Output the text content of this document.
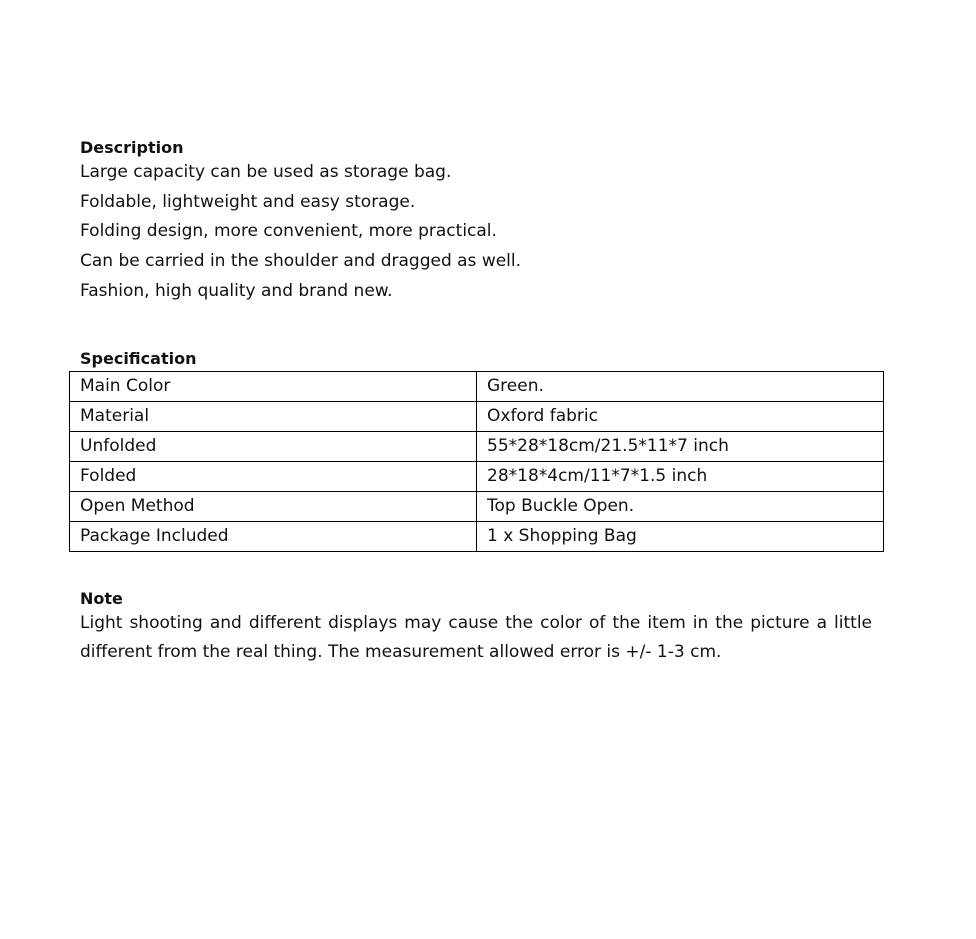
Description

Large capacity can be used as storage bag.
Foldable, lightweight and easy storage.
Folding design, more convenient, more practical.
Can be carried in the shoulder and dragged as well.
Fashion, high quality and brand new.

Specification

Main Color	Green.
Material	Oxford fabric
Unfolded	55*28*18cm/21.5*11*7 inch
Folded	28*18*4cm/11*7*1.5 inch
Open Method	Top Buckle Open.
Package Included	1 x Shopping Bag

Note

Light shooting and different displays may cause the color of the item in the picture a little different from the real thing. The measurement allowed error is +/- 1-3 cm.
